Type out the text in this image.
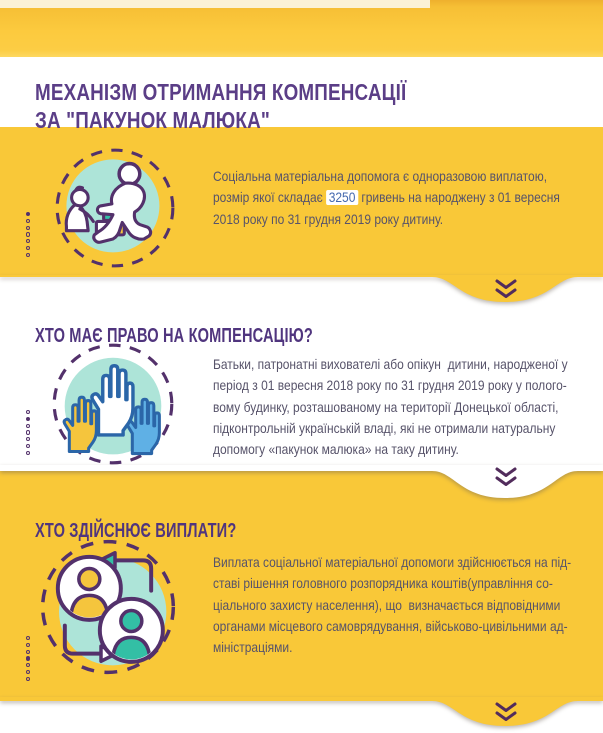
МЕХАНІЗМ ОТРИМАННЯ КОМПЕНСАЦІЇ
ЗА "ПАКУНОК МАЛЮКА"
Соціальна матеріальна допомога є одноразовою виплатою,
розмір якої складає 3250 гривень на народжену з 01 вересня
2018 року по 31 грудня 2019 року дитину.
ХТО МАЄ ПРАВО НА КОМПЕНСАЦІЮ?
Батьки, патронатні вихователі або опікун  дитини, народженої у
період з 01 вересня 2018 року по 31 грудня 2019 року у полого-
вому будинку, розташованому на території Донецької області,
підконтрольній українській владі, які не отримали натуральну
допомогу «пакунок малюка» на таку дитину.
ХТО ЗДІЙСНЮЄ ВИПЛАТИ?
Виплата соціальної матеріальної допомоги здійснюється на під-
ставі рішення головного розпорядника коштів(управління со-
ціального захисту населення), що  визначається відповідними
органами місцевого самоврядування, військово-цивільними ад-
міністраціями.
